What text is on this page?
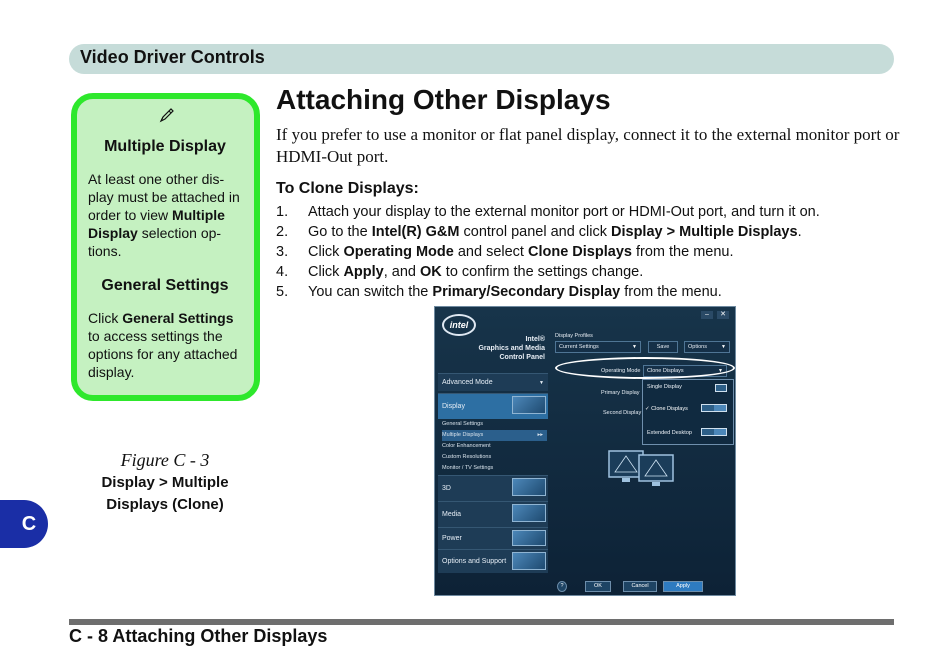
Video Driver Controls
Multiple Display
At least one other dis-
play must be attached in
order to view Multiple
Display selection op-
tions.
General Settings
Click General Settings
to access settings the
options for any attached
display.
Figure C - 3
Display > Multiple
Displays (Clone)
C
Attaching Other Displays
If you prefer to use a monitor or flat panel display, connect it to the external monitor port or HDMI-Out port.
To Clone Displays:
1.	Attach your display to the external monitor port or HDMI-Out port, and turn it on.
2.	Go to the Intel(R) G&M control panel and click Display > Multiple Displays.
3.	Click Operating Mode and select Clone Displays from the menu.
4.	Click Apply, and OK to confirm the settings change.
5.	You can switch the Primary/Secondary Display from the menu.
–	✕
intel
Intel®
Graphics and Media
Control Panel
Advanced Mode	▼
Display
General Settings
Multiple Displays	▸▸
Color Enhancement
Custom Resolutions
Monitor / TV Settings
3D
Media
Power
Options and Support
Display Profiles
Current Settings	▼	Save	Options	▼
Operating Mode	Clone Displays	▼
Primary Display
Second Display
Single Display
✓ Clone Displays
Extended Desktop
?	OK	Cancel	Apply
C - 8 Attaching Other Displays
